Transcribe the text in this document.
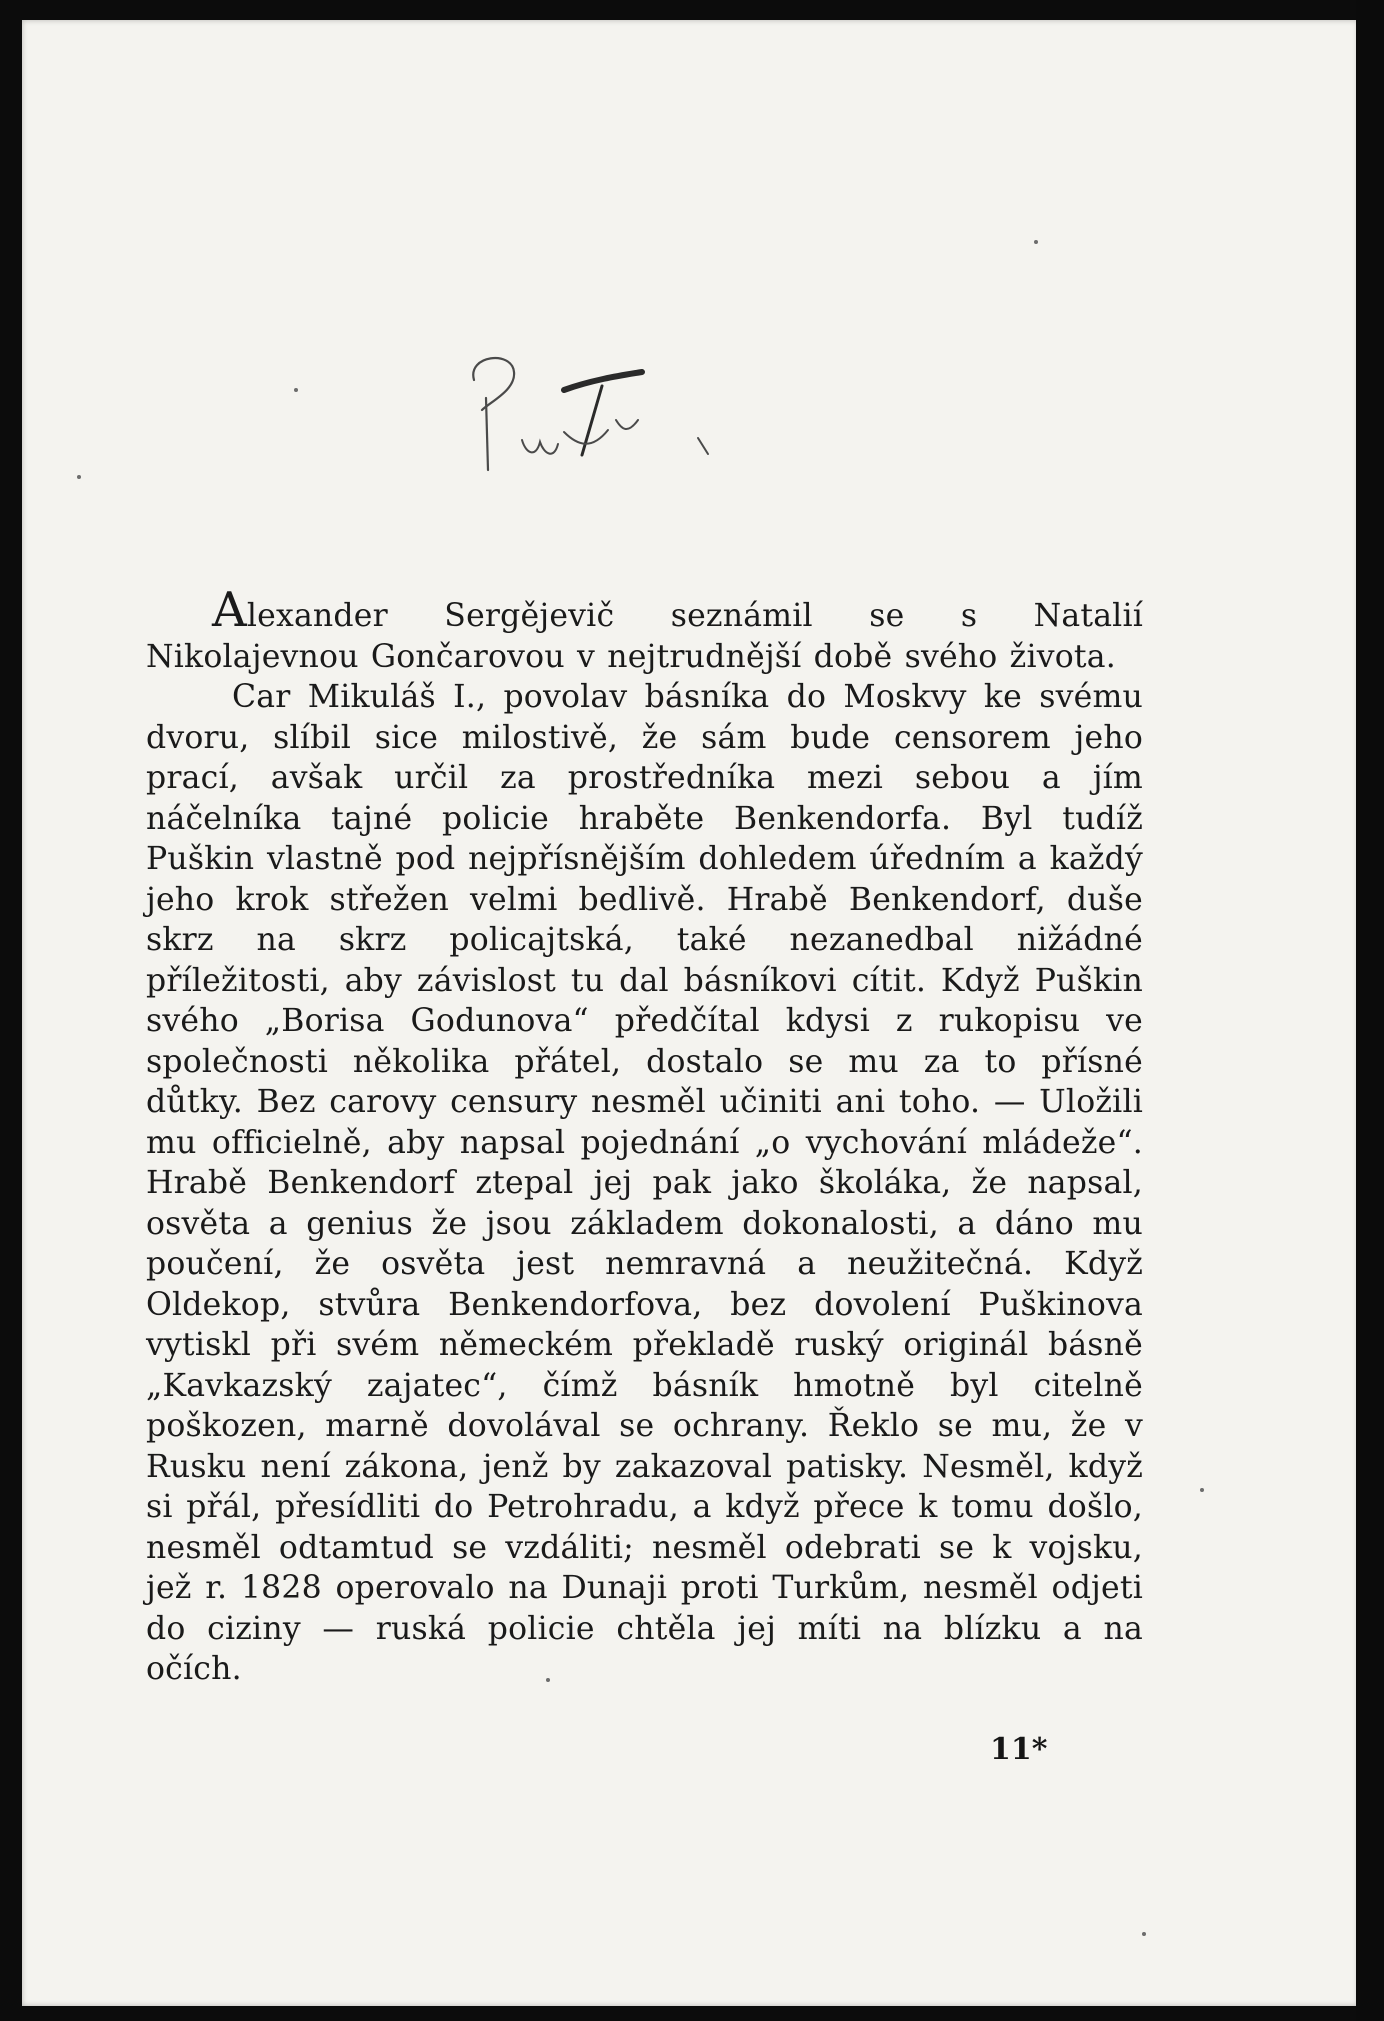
Alexander Sergějevič seznámil se s Natalií Nikolajevnou Gončarovou v nejtrudnější době svého života.

Car Mikuláš I., povolav básníka do Moskvy ke svému dvoru, slíbil sice milostivě, že sám bude censorem jeho prací, avšak určil za prostředníka mezi sebou a jím náčelníka tajné policie hraběte Benkendorfa. Byl tudíž Puškin vlastně pod nejpřísnějším dohledem úředním a každý jeho krok střežen velmi bedlivě. Hrabě Benkendorf, duše skrz na skrz policajtská, také nezanedbal nižádné příležitosti, aby závislost tu dal básníkovi cítit. Když Puškin svého „Borisa Godunova“ předčítal kdysi z rukopisu ve společnosti několika přátel, dostalo se mu za to přísné důtky. Bez carovy censury nesměl učiniti ani toho. — Uložili mu officielně, aby napsal pojednání „o vychování mládeže“. Hrabě Benkendorf ztepal jej pak jako školáka, že napsal, osvěta a genius že jsou základem dokonalosti, a dáno mu poučení, že osvěta jest nemravná a neužitečná. Když Oldekop, stvůra Benkendorfova, bez dovolení Puškinova vytiskl při svém německém překladě ruský originál básně „Kavkazský zajatec“, čímž básník hmotně byl citelně poškozen, marně dovolával se ochrany. Řeklo se mu, že v Rusku není zákona, jenž by zakazoval patisky. Nesměl, když si přál, přesídliti do Petrohradu, a když přece k tomu došlo, nesměl odtamtud se vzdáliti; nesměl odebrati se k vojsku, jež r. 1828 operovalo na Dunaji proti Turkům, nesměl odjeti do ciziny — ruská policie chtěla jej míti na blízku a na očích.

11*
